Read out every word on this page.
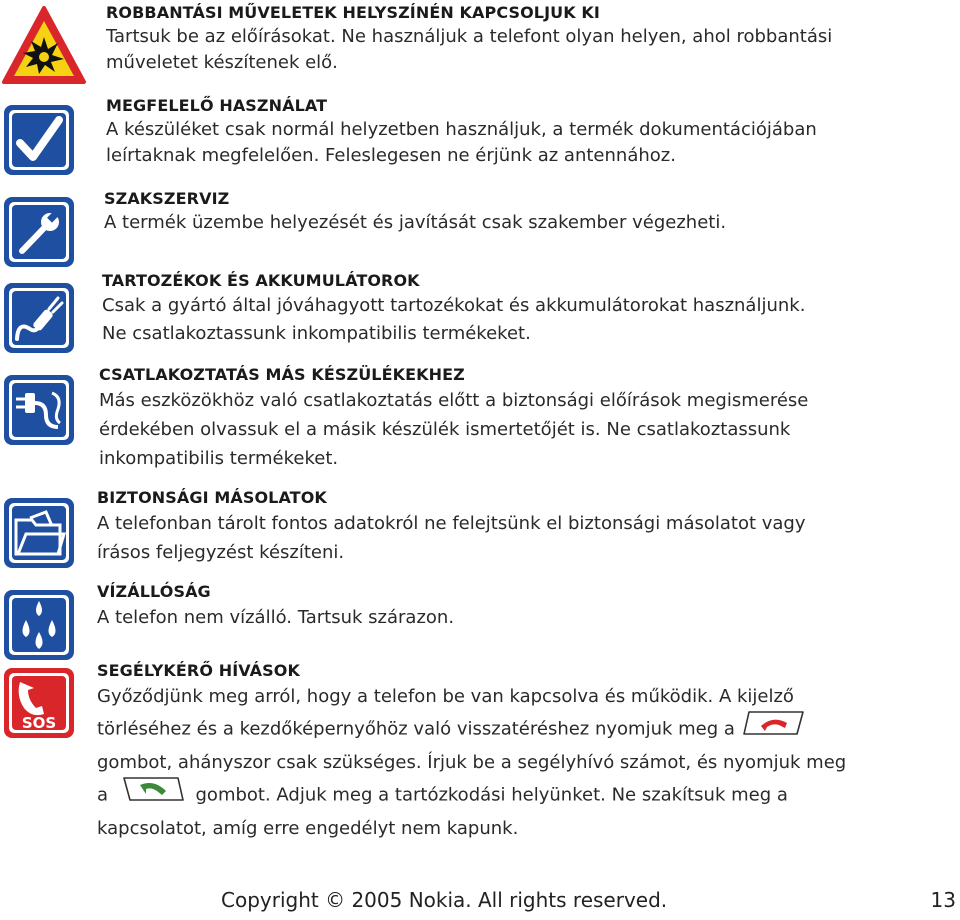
SOS
ROBBANTÁSI MŰVELETEK HELYSZÍNÉN KAPCSOLJUK KI
Tartsuk be az előírásokat. Ne használjuk a telefont olyan helyen, ahol robbantási
műveletet készítenek elő.
MEGFELELŐ HASZNÁLAT
A készüléket csak normál helyzetben használjuk, a termék dokumentációjában
leírtaknak megfelelően. Feleslegesen ne érjünk az antennához.
SZAKSZERVIZ
A termék üzembe helyezését és javítását csak szakember végezheti.
TARTOZÉKOK ÉS AKKUMULÁTOROK
Csak a gyártó által jóváhagyott tartozékokat és akkumulátorokat használjunk.
Ne csatlakoztassunk inkompatibilis termékeket.
CSATLAKOZTATÁS MÁS KÉSZÜLÉKEKHEZ
Más eszközökhöz való csatlakoztatás előtt a biztonsági előírások megismerése
érdekében olvassuk el a másik készülék ismertetőjét is. Ne csatlakoztassunk
inkompatibilis termékeket.
BIZTONSÁGI MÁSOLATOK
A telefonban tárolt fontos adatokról ne felejtsünk el biztonsági másolatot vagy
írásos feljegyzést készíteni.
VÍZÁLLÓSÁG
A telefon nem vízálló. Tartsuk szárazon.
SEGÉLYKÉRŐ HÍVÁSOK
Győződjünk meg arról, hogy a telefon be van kapcsolva és működik. A kijelző
törléséhez és a kezdőképernyőhöz való visszatéréshez nyomjuk meg a
gombot, ahányszor csak szükséges. Írjuk be a segélyhívó számot, és nyomjuk meg
a	gombot. Adjuk meg a tartózkodási helyünket. Ne szakítsuk meg a
kapcsolatot, amíg erre engedélyt nem kapunk.
Copyright © 2005 Nokia. All rights reserved.	13
